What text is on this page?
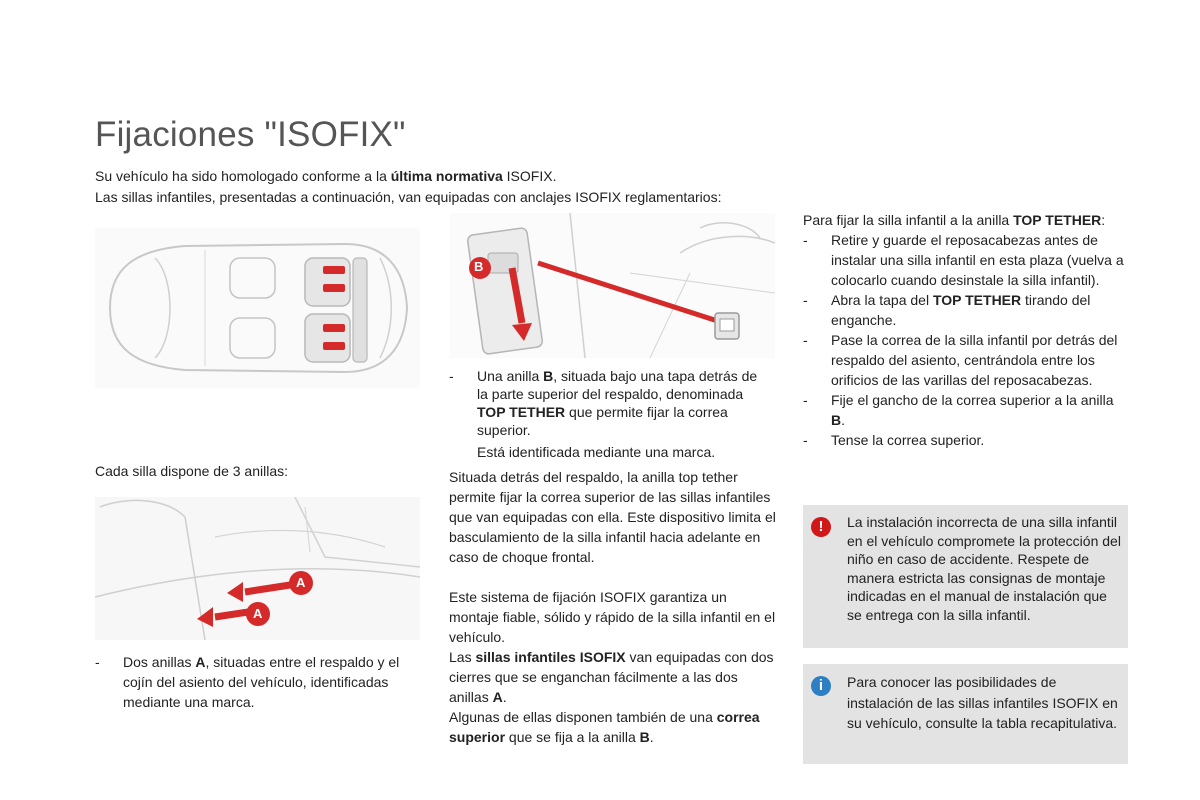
Fijaciones "ISOFIX"

Su vehículo ha sido homologado conforme a la última normativa ISOFIX.

Las sillas infantiles, presentadas a continuación, van equipadas con anclajes ISOFIX reglamentarios:

B
- Una anilla B, situada bajo una tapa detrás de la parte superior del respaldo, denominada TOP TETHER que permite fijar la correa superior.
Está identificada mediante una marca.
Cada silla dispone de 3 anillas:
A
A
- Dos anillas A, situadas entre el respaldo y el cojín del asiento del vehículo, identificadas mediante una marca.

Situada detrás del respaldo, la anilla top tether permite fijar la correa superior de las sillas infantiles que van equipadas con ella. Este dispositivo limita el basculamiento de la silla infantil hacia adelante en caso de choque frontal.

Este sistema de fijación ISOFIX garantiza un montaje fiable, sólido y rápido de la silla infantil en el vehículo.

Las sillas infantiles ISOFIX van equipadas con dos cierres que se enganchan fácilmente a las dos anillas A.

Algunas de ellas disponen también de una correa superior que se fija a la anilla B.

Para fijar la silla infantil a la anilla TOP TETHER:

- Retire y guarde el reposacabezas antes de instalar una silla infantil en esta plaza (vuelva a colocarlo cuando desinstale la silla infantil).
- Abra la tapa del TOP TETHER tirando del enganche.
- Pase la correa de la silla infantil por detrás del respaldo del asiento, centrándola entre los orificios de las varillas del reposacabezas.
- Fije el gancho de la correa superior a la anilla B.
- Tense la correa superior.
!	La instalación incorrecta de una silla infantil en el vehículo compromete la protección del niño en caso de accidente. Respete de manera estricta las consignas de montaje indicadas en el manual de instalación que se entrega con la silla infantil.
i	Para conocer las posibilidades de instalación de las sillas infantiles ISOFIX en su vehículo, consulte la tabla recapitulativa.
